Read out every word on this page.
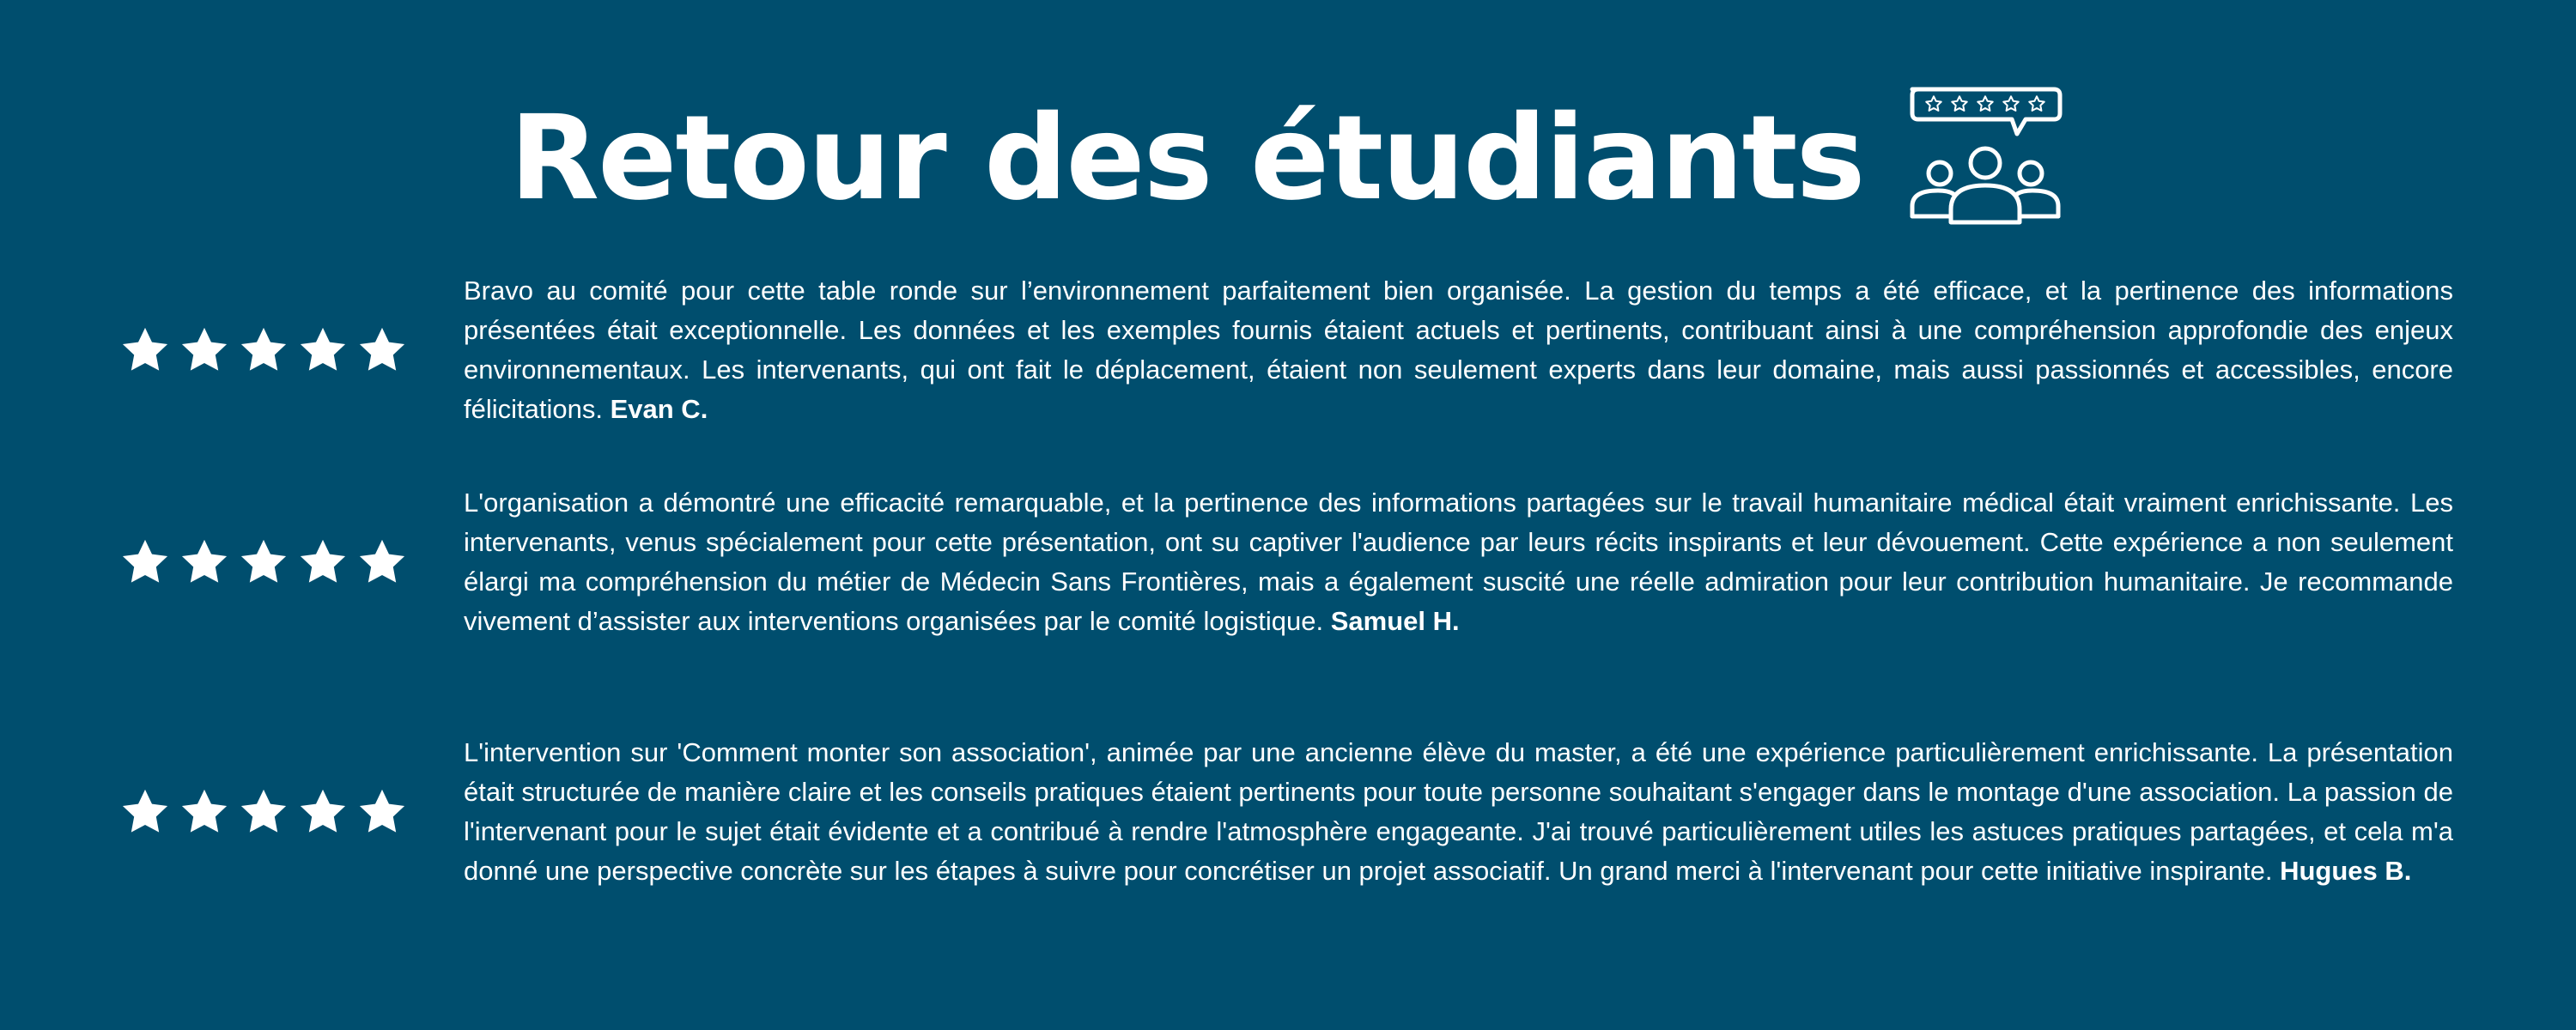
Retour des étudiants
Bravo au comité pour cette table ronde sur l’environnement parfaitement bien organisée. La gestion du temps a été efficace, et la pertinence des informations présentées était exceptionnelle. Les données et les exemples fournis étaient actuels et pertinents, contribuant ainsi à une compréhension approfondie des enjeux environnementaux. Les intervenants, qui ont fait le déplacement, étaient non seulement experts dans leur domaine, mais aussi passionnés et accessibles, encore félicitations. Evan C.
L'organisation a démontré une efficacité remarquable, et la pertinence des informations partagées sur le travail humanitaire médical était vraiment enrichissante. Les intervenants, venus spécialement pour cette présentation, ont su captiver l'audience par leurs récits inspirants et leur dévouement. Cette expérience a non seulement élargi ma compréhension du métier de Médecin Sans Frontières, mais a également suscité une réelle admiration pour leur contribution humanitaire. Je recommande vivement d’assister aux interventions organisées par le comité logistique. Samuel H.
L'intervention sur 'Comment monter son association', animée par une ancienne élève du master, a été une expérience particulièrement enrichissante. La présentation était structurée de manière claire et les conseils pratiques étaient pertinents pour toute personne souhaitant s'engager dans le montage d'une association. La passion de l'intervenant pour le sujet était évidente et a contribué à rendre l'atmosphère engageante. J'ai trouvé particulièrement utiles les astuces pratiques partagées, et cela m'a donné une perspective concrète sur les étapes à suivre pour concrétiser un projet associatif. Un grand merci à l'intervenant pour cette initiative inspirante. Hugues B.
